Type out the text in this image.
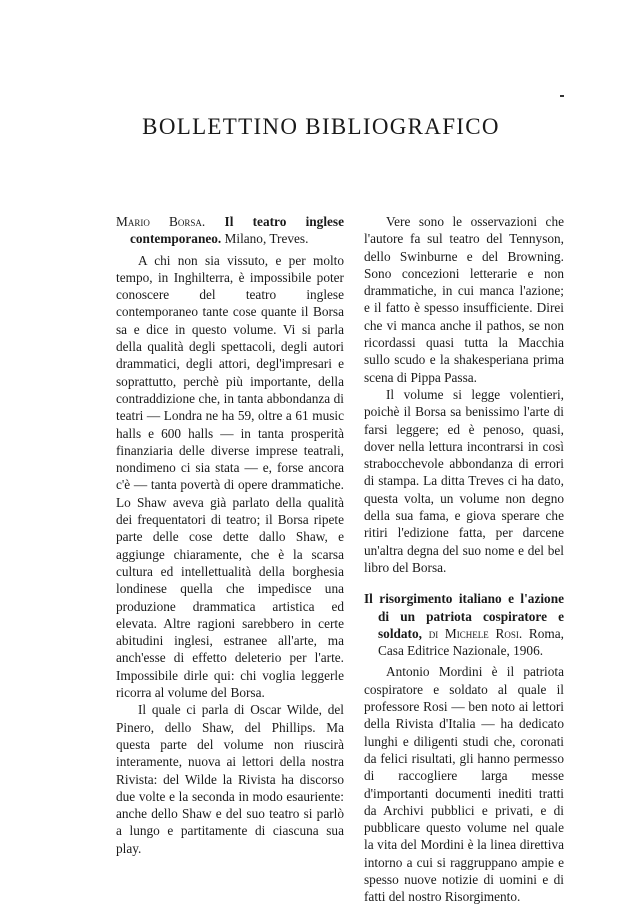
BOLLETTINO BIBLIOGRAFICO

Mario Borsa. Il teatro inglese contemporaneo. Milano, Treves.

A chi non sia vissuto, e per molto tempo, in Inghilterra, è impossibile poter conoscere del teatro inglese contemporaneo tante cose quante il Borsa sa e dice in questo volume. Vi si parla della qualità degli spettacoli, degli autori drammatici, degli attori, degl'impresari e soprattutto, perchè più importante, della contraddizione che, in tanta abbondanza di teatri — Londra ne ha 59, oltre a 61 music halls e 600 halls — in tanta prosperità finanziaria delle diverse imprese teatrali, nondimeno ci sia stata — e, forse ancora c'è — tanta povertà di opere drammatiche. Lo Shaw aveva già parlato della qualità dei frequentatori di teatro; il Borsa ripete parte delle cose dette dallo Shaw, e aggiunge chiaramente, che è la scarsa cultura ed intellettualità della borghesia londinese quella che impedisce una produzione drammatica artistica ed elevata. Altre ragioni sarebbero in certe abitudini inglesi, estranee all'arte, ma anch'esse di effetto deleterio per l'arte. Impossibile dirle qui: chi voglia leggerle ricorra al volume del Borsa.

Il quale ci parla di Oscar Wilde, del Pinero, dello Shaw, del Phillips. Ma questa parte del volume non riuscirà interamente, nuova ai lettori della nostra Rivista: del Wilde la Rivista ha discorso due volte e la seconda in modo esauriente: anche dello Shaw e del suo teatro si parlò a lungo e partitamente di ciascuna sua play.

Vere sono le osservazioni che l'autore fa sul teatro del Tennyson, dello Swinburne e del Browning. Sono concezioni letterarie e non drammatiche, in cui manca l'azione; e il fatto è spesso insufficiente. Direi che vi manca anche il pathos, se non ricordassi quasi tutta la Macchia sullo scudo e la shakesperiana prima scena di Pippa Passa.

Il volume si legge volentieri, poichè il Borsa sa benissimo l'arte di farsi leggere; ed è penoso, quasi, dover nella lettura incontrarsi in così strabocchevole abbondanza di errori di stampa. La ditta Treves ci ha dato, questa volta, un volume non degno della sua fama, e giova sperare che ritiri l'edizione fatta, per darcene un'altra degna del suo nome e del bel libro del Borsa.

Il risorgimento italiano e l'azione di un patriota cospiratore e soldato, di Michele Rosi. Roma, Casa Editrice Nazionale, 1906.

Antonio Mordini è il patriota cospiratore e soldato al quale il professore Rosi — ben noto ai lettori della Rivista d'Italia — ha dedicato lunghi e diligenti studi che, coronati da felici risultati, gli hanno permesso di raccogliere larga messe d'importanti documenti inediti tratti da Archivi pubblici e privati, e di pubblicare questo volume nel quale la vita del Mordini è la linea direttiva intorno a cui si raggruppano ampie e spesso nuove notizie di uomini e di fatti del nostro Risorgimento.
